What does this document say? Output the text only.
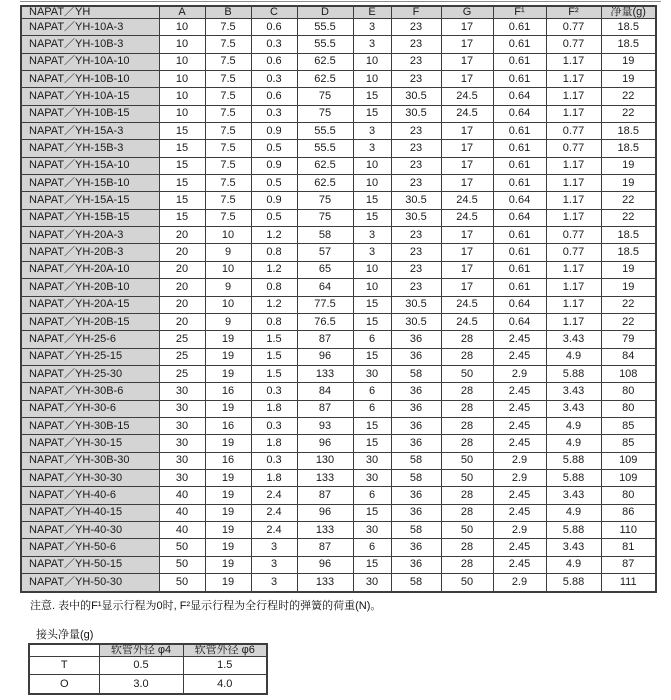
NAPAT／YH	A	B	C	D	E	F	G	F¹	F²	净量(g)
NAPAT／YH-10A-3	10	7.5	0.6	55.5	3	23	17	0.61	0.77	18.5
NAPAT／YH-10B-3	10	7.5	0.3	55.5	3	23	17	0.61	0.77	18.5
NAPAT／YH-10A-10	10	7.5	0.6	62.5	10	23	17	0.61	1.17	19
NAPAT／YH-10B-10	10	7.5	0.3	62.5	10	23	17	0.61	1.17	19
NAPAT／YH-10A-15	10	7.5	0.6	75	15	30.5	24.5	0.64	1.17	22
NAPAT／YH-10B-15	10	7.5	0.3	75	15	30.5	24.5	0.64	1.17	22
NAPAT／YH-15A-3	15	7.5	0.9	55.5	3	23	17	0.61	0.77	18.5
NAPAT／YH-15B-3	15	7.5	0.5	55.5	3	23	17	0.61	0.77	18.5
NAPAT／YH-15A-10	15	7.5	0.9	62.5	10	23	17	0.61	1.17	19
NAPAT／YH-15B-10	15	7.5	0.5	62.5	10	23	17	0.61	1.17	19
NAPAT／YH-15A-15	15	7.5	0.9	75	15	30.5	24.5	0.64	1.17	22
NAPAT／YH-15B-15	15	7.5	0.5	75	15	30.5	24.5	0.64	1.17	22
NAPAT／YH-20A-3	20	10	1.2	58	3	23	17	0.61	0.77	18.5
NAPAT／YH-20B-3	20	9	0.8	57	3	23	17	0.61	0.77	18.5
NAPAT／YH-20A-10	20	10	1.2	65	10	23	17	0.61	1.17	19
NAPAT／YH-20B-10	20	9	0.8	64	10	23	17	0.61	1.17	19
NAPAT／YH-20A-15	20	10	1.2	77.5	15	30.5	24.5	0.64	1.17	22
NAPAT／YH-20B-15	20	9	0.8	76.5	15	30.5	24.5	0.64	1.17	22
NAPAT／YH-25-6	25	19	1.5	87	6	36	28	2.45	3.43	79
NAPAT／YH-25-15	25	19	1.5	96	15	36	28	2.45	4.9	84
NAPAT／YH-25-30	25	19	1.5	133	30	58	50	2.9	5.88	108
NAPAT／YH-30B-6	30	16	0.3	84	6	36	28	2.45	3.43	80
NAPAT／YH-30-6	30	19	1.8	87	6	36	28	2.45	3.43	80
NAPAT／YH-30B-15	30	16	0.3	93	15	36	28	2.45	4.9	85
NAPAT／YH-30-15	30	19	1.8	96	15	36	28	2.45	4.9	85
NAPAT／YH-30B-30	30	16	0.3	130	30	58	50	2.9	5.88	109
NAPAT／YH-30-30	30	19	1.8	133	30	58	50	2.9	5.88	109
NAPAT／YH-40-6	40	19	2.4	87	6	36	28	2.45	3.43	80
NAPAT／YH-40-15	40	19	2.4	96	15	36	28	2.45	4.9	86
NAPAT／YH-40-30	40	19	2.4	133	30	58	50	2.9	5.88	110
NAPAT／YH-50-6	50	19	3	87	6	36	28	2.45	3.43	81
NAPAT／YH-50-15	50	19	3	96	15	36	28	2.45	4.9	87
NAPAT／YH-50-30	50	19	3	133	30	58	50	2.9	5.88	111
注意. 表中的F¹显示行程为0时, F²显示行程为全行程时的弹簧的荷重(N)。
接头净量(g)
	软管外径 φ4	软管外径 φ6
T	0.5	1.5
O	3.0	4.0
